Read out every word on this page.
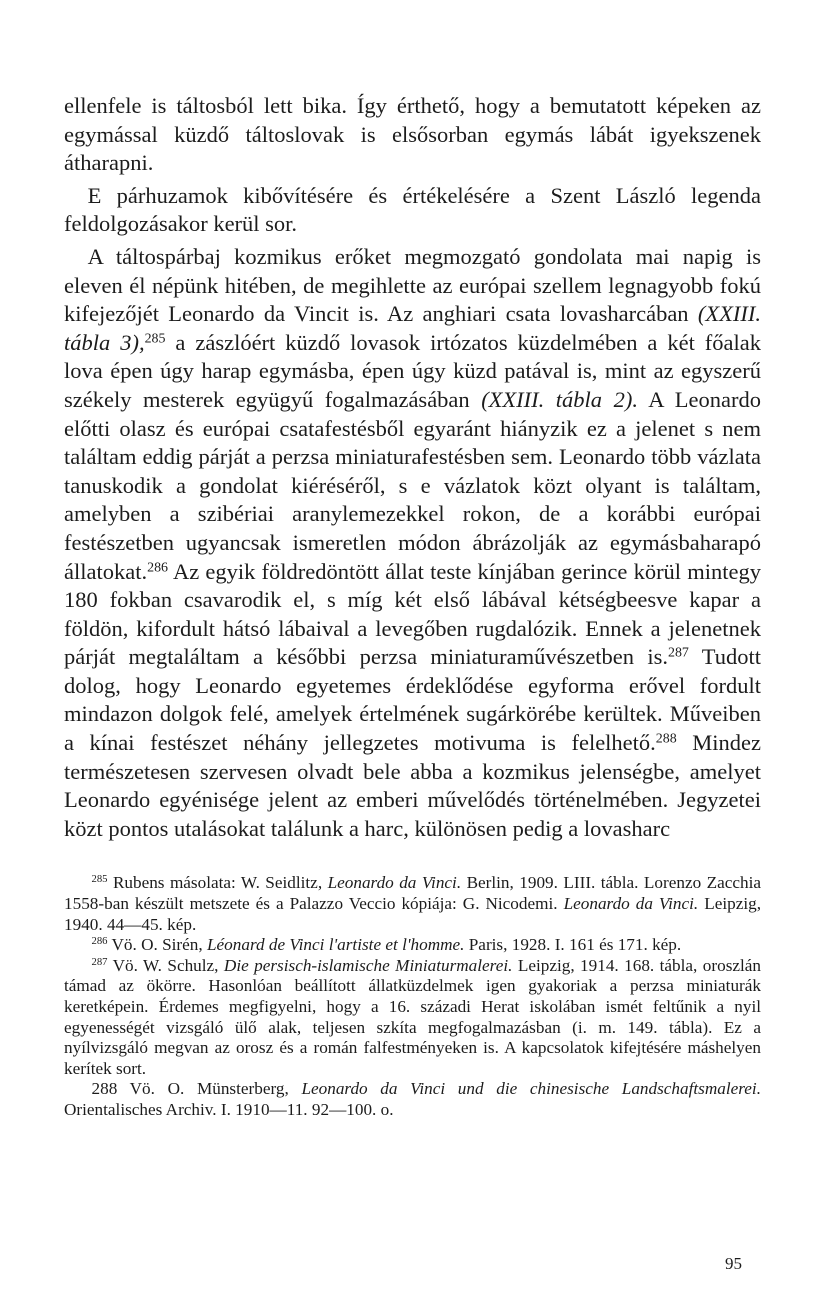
ellenfele is táltosból lett bika. Így érthető, hogy a bemutatott képeken az egymással küzdő táltoslovak is elsősorban egymás lábát igyekszenek átharapni.

E párhuzamok kibővítésére és értékelésére a Szent László legenda feldolgozásakor kerül sor.

A táltospárbaj kozmikus erőket megmozgató gondolata mai napig is eleven él népünk hitében, de megihlette az európai szellem legnagyobb fokú kifejezőjét Leonardo da Vincit is. Az anghiari csata lovasharcában (XXIII. tábla 3),$^{285}$ a zászlóért küzdő lovasok irtózatos küzdelmében a két főalak lova épen úgy harap egymásba, épen úgy küzd patával is, mint az egyszerű székely mesterek együgyű fogalmazásában (XXIII. tábla 2). A Leonardo előtti olasz és európai csatafestésből egyaránt hiányzik ez a jelenet s nem találtam eddig párját a perzsa miniaturafestésben sem. Leonardo több vázlata tanuskodik a gondolat kiéréséről, s e vázlatok közt olyant is találtam, amelyben a szibériai aranylemezekkel rokon, de a korábbi európai festészetben ugyancsak ismeretlen módon ábrázolják az egymásbaharapó állatokat.$^{286}$ Az egyik földredöntött állat teste kínjában gerince körül mintegy 180 fokban csavarodik el, s míg két első lábával kétségbeesve kapar a földön, kifordult hátsó lábaival a levegőben rugdalózik. Ennek a jelenetnek párját megtaláltam a későbbi perzsa miniaturaművészetben is.$^{287}$ Tudott dolog, hogy Leonardo egyetemes érdeklődése egyforma erővel fordult mindazon dolgok felé, amelyek értelmének sugárkörébe kerültek. Műveiben a kínai festészet néhány jellegzetes motivuma is felelhető.$^{288}$ Mindez természetesen szervesen olvadt bele abba a kozmikus jelenségbe, amelyet Leonardo egyénisége jelent az emberi művelődés történelmében. Jegyzetei közt pontos utalásokat találunk a harc, különösen pedig a lovasharc

$^{285}$ Rubens másolata: W. Seidlitz, Leonardo da Vinci. Berlin, 1909. LIII. tábla. Lorenzo Zacchia 1558-ban készült metszete és a Palazzo Veccio kópiája: G. Nicodemi. Leonardo da Vinci. Leipzig, 1940. 44—45. kép.

$^{286}$ Vö. O. Sirén, Léonard de Vinci l'artiste et l'homme. Paris, 1928. I. 161 és 171. kép.

$^{287}$ Vö. W. Schulz, Die persisch-islamische Miniaturmalerei. Leipzig, 1914. 168. tábla, oroszlán támad az ökörre. Hasonlóan beállított állatküzdelmek igen gyakoriak a perzsa miniaturák keretképein. Érdemes megfigyelni, hogy a 16. századi Herat iskolában ismét feltűnik a nyil egyenességét vizsgáló ülő alak, teljesen szkíta megfogalmazásban (i. m. 149. tábla). Ez a nyílvizsgáló megvan az orosz és a román falfestményeken is. A kapcsolatok kifejtésére máshelyen kerítek sort.

288 Vö. O. Münsterberg, Leonardo da Vinci und die chinesische Landschaftsmalerei. Orientalisches Archiv. I. 1910—11. 92—100. o.

95
